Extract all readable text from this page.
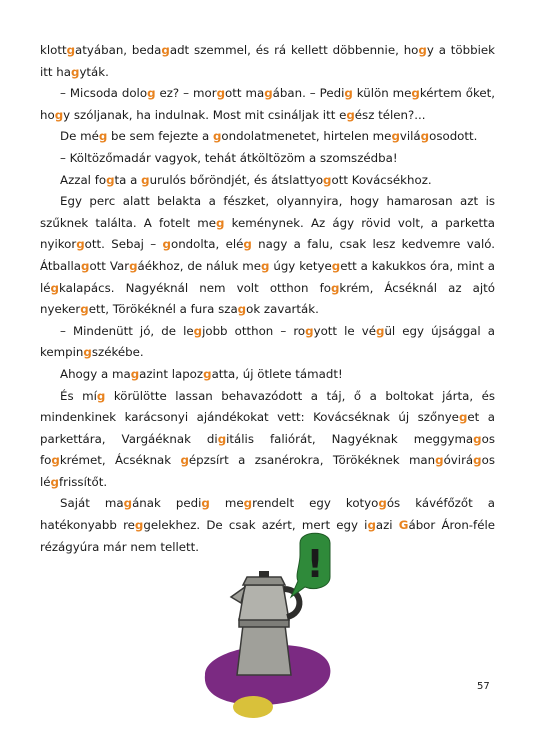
klottgatyában, bedagadt szemmel, és rá kellett döbbennie, hogy a többiek itt hagyták.

– Micsoda dolog ez? – morgott magában. – Pedig külön megkértem őket, hogy szóljanak, ha indulnak. Most mit csináljak itt egész télen?...

De még be sem fejezte a gondolatmenetet, hirtelen megvilágosodott.

– Költözőmadár vagyok, tehát átköltözöm a szomszédba!

Azzal fogta a gurulós bőröndjét, és átslattyogott Kovácsékhoz.

Egy perc alatt belakta a fészket, olyannyira, hogy hamarosan azt is szűknek találta. A fotelt meg keménynek. Az ágy rövid volt, a parketta nyikorgott. Sebaj – gondolta, elég nagy a falu, csak lesz kedvemre való. Átballagott Vargáékhoz, de náluk meg úgy ketyegett a kakukkos óra, mint a légkalapács. Nagyéknál nem volt otthon fogkrém, Ácséknál az ajtó nyekergett, Törökéknél a fura szagok zavarták.

– Mindenütt jó, de legjobb otthon – rogyott le végül egy újsággal a kempingszékébe.

Ahogy a magazint lapozgatta, új ötlete támadt!

És míg körülötte lassan behavazódott a táj, ő a boltokat járta, és mindenkinek karácsonyi ajándékokat vett: Kovácséknak új szőnyeget a parkettára, Vargáéknak digitális faliórát, Nagyéknak meggymagos fogkrémet, Ácséknak gépzsírt a zsanérokra, Törökéknek mangóvirágos légfrissítőt.

Saját magának pedig megrendelt egy kotyogós kávéfőzőt a hatékonyabb reggelekhez. De csak azért, mert egy igazi Gábor Áron-féle rézágyúra már nem tellett.	!
57
